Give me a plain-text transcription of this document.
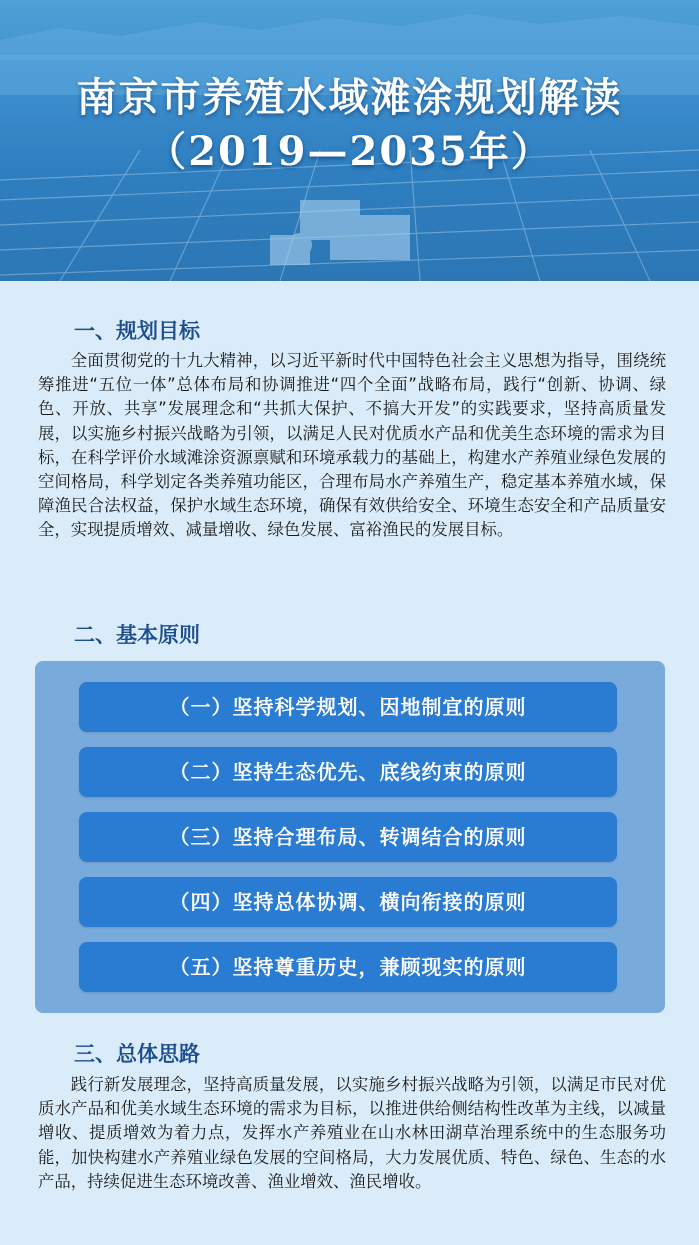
南京市养殖水域滩涂规划解读
（2019—2035年）
一、规划目标

全面贯彻党的十九大精神，以习近平新时代中国特色社会主义思想为指导，围绕统筹推进“五位一体”总体布局和协调推进“四个全面”战略布局，践行“创新、协调、绿色、开放、共享”发展理念和“共抓大保护、不搞大开发”的实践要求，坚持高质量发展，以实施乡村振兴战略为引领，以满足人民对优质水产品和优美生态环境的需求为目标，在科学评价水域滩涂资源禀赋和环境承载力的基础上，构建水产养殖业绿色发展的空间格局，科学划定各类养殖功能区，合理布局水产养殖生产，稳定基本养殖水域，保障渔民合法权益，保护水域生态环境，确保有效供给安全、环境生态安全和产品质量安全，实现提质增效、减量增收、绿色发展、富裕渔民的发展目标。

二、基本原则
（一）坚持科学规划、因地制宜的原则
（二）坚持生态优先、底线约束的原则
（三）坚持合理布局、转调结合的原则
（四）坚持总体协调、横向衔接的原则
（五）坚持尊重历史，兼顾现实的原则
三、总体思路

践行新发展理念，坚持高质量发展，以实施乡村振兴战略为引领，以满足市民对优质水产品和优美水域生态环境的需求为目标，以推进供给侧结构性改革为主线，以减量增收、提质增效为着力点，发挥水产养殖业在山水林田湖草治理系统中的生态服务功能，加快构建水产养殖业绿色发展的空间格局，大力发展优质、特色、绿色、生态的水产品，持续促进生态环境改善、渔业增效、渔民增收。
